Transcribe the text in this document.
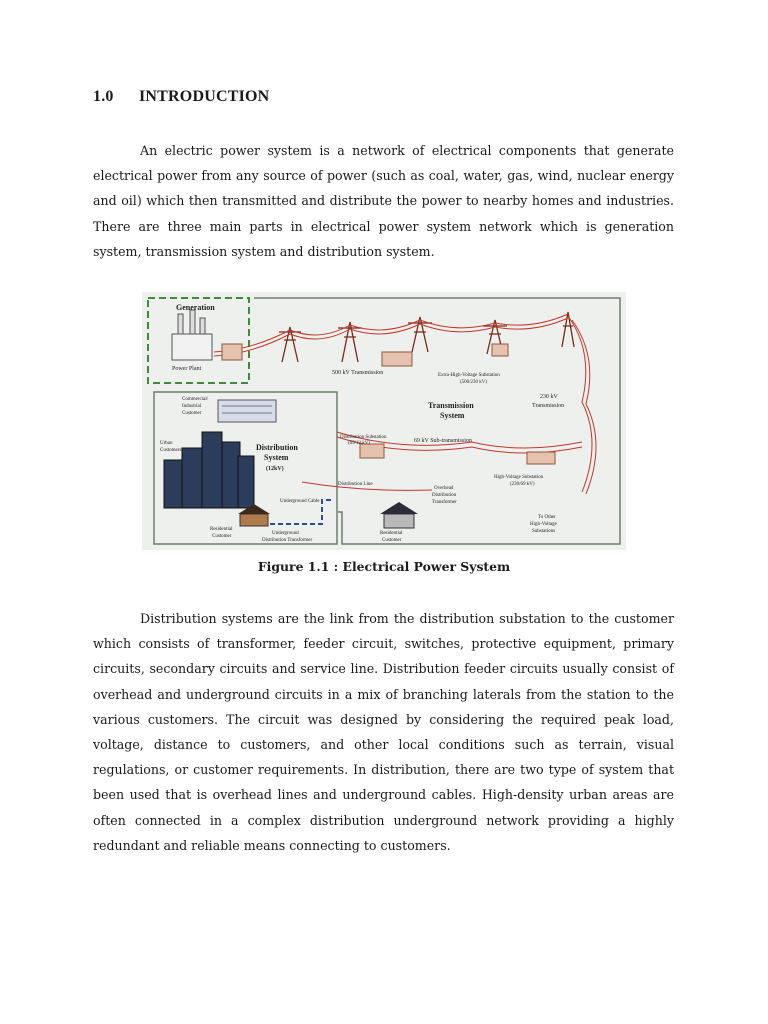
1.0 INTRODUCTION

An electric power system is a network of electrical components that generate electrical power from any source of power (such as coal, water, gas, wind, nuclear energy and oil) which then transmitted and distribute the power to nearby homes and industries. There are three main parts in electrical power system network which is generation system, transmission system and distribution system.

Generation
Power Plant
500 kV Transmission	Extra-High-Voltage Substation
(500/230 kV)
230 kV
Transmission
Transmission
System
Commercial/
Industrial
Customer
Urban
Customers	Distribution
System
(12kV)
Distribution Substation
(69/12 kV)	69 kV Sub-transmission
High-Voltage Substation
(230/69 kV)
Distribution Line
Overhead
Distribution
Transformer
Underground Cable
Residential
Customer
Underground
Distribution Transformer
Residential
Customer
To Other
High-Voltage
Substations
Figure 1.1 : Electrical Power System

Distribution systems are the link from the distribution substation to the customer which consists of transformer, feeder circuit, switches, protective equipment, primary circuits, secondary circuits and service line. Distribution feeder circuits usually consist of overhead and underground circuits in a mix of branching laterals from the station to the various customers. The circuit was designed by considering the required peak load, voltage, distance to customers, and other local conditions such as terrain, visual regulations, or customer requirements. In distribution, there are two type of system that been used that is overhead lines and underground cables. High-density urban areas are often connected in a complex distribution underground network providing a highly redundant and reliable means connecting to customers.
